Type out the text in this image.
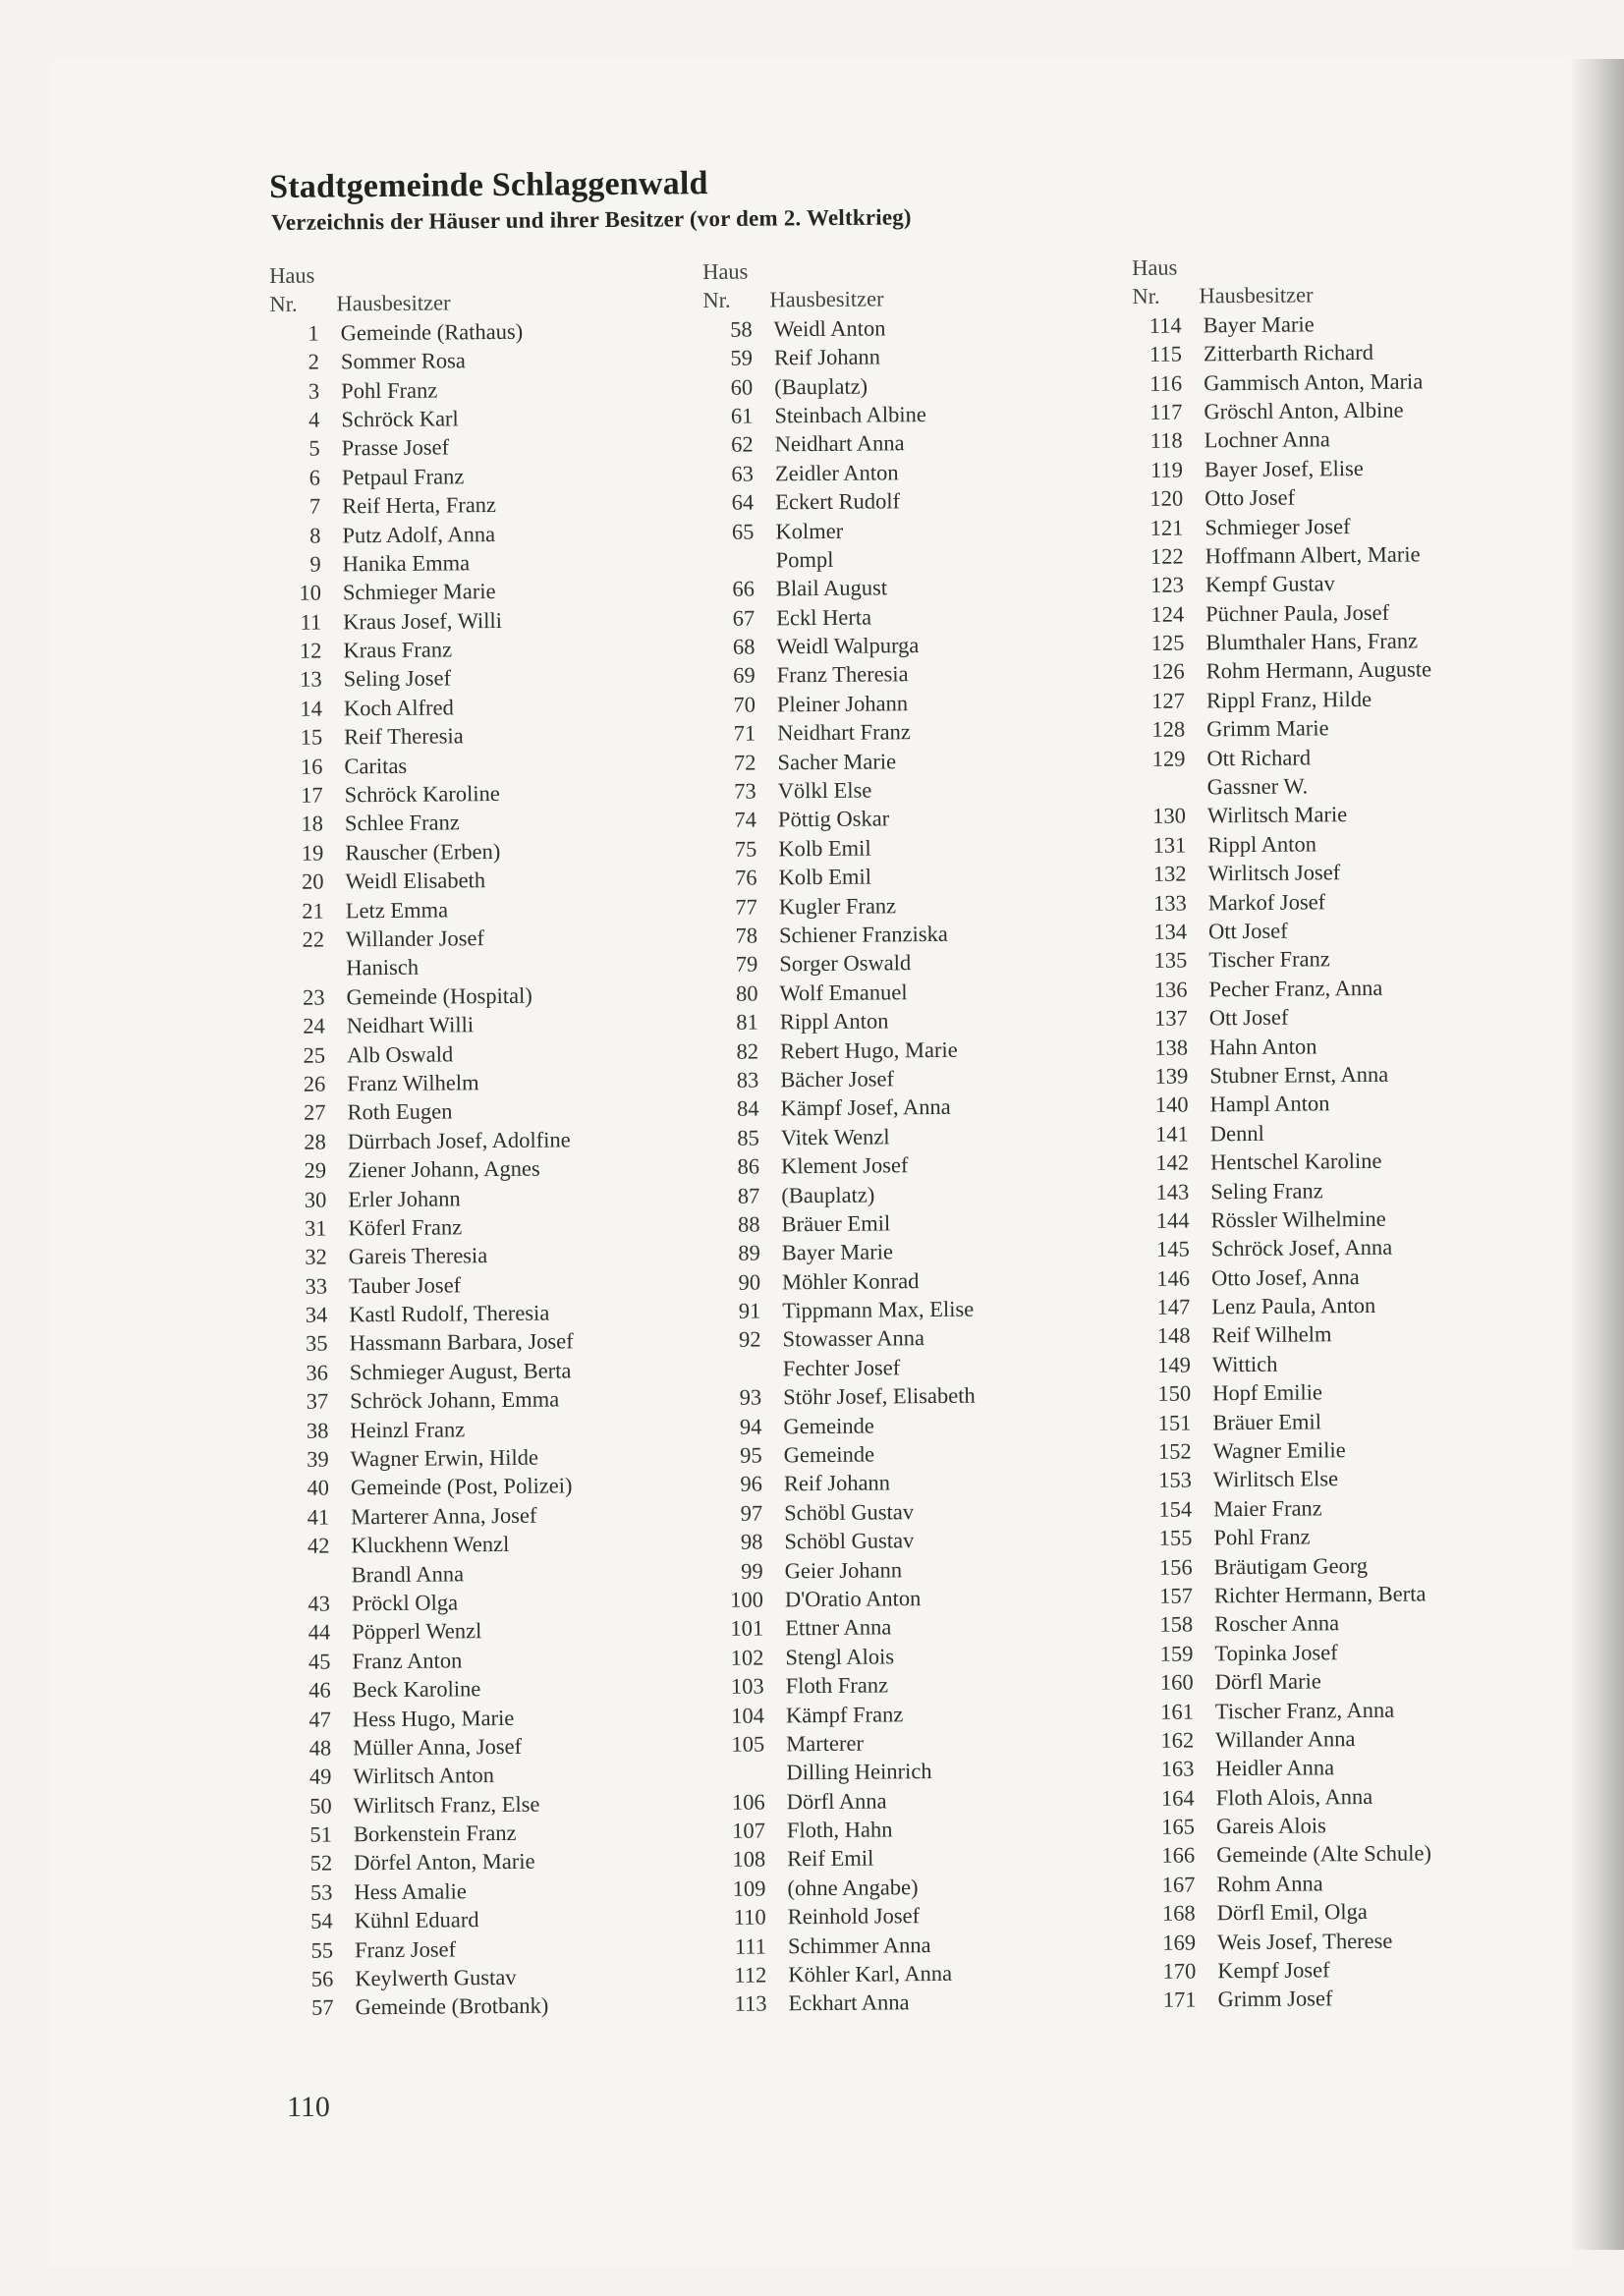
Stadtgemeinde Schlaggenwald
Verzeichnis der Häuser und ihrer Besitzer (vor dem 2. Weltkrieg)
Haus
Nr. Hausbesitzer
1 Gemeinde (Rathaus)
2 Sommer Rosa
3 Pohl Franz
4 Schröck Karl
5 Prasse Josef
6 Petpaul Franz
7 Reif Herta, Franz
8 Putz Adolf, Anna
9 Hanika Emma
10 Schmieger Marie
11 Kraus Josef, Willi
12 Kraus Franz
13 Seling Josef
14 Koch Alfred
15 Reif Theresia
16 Caritas
17 Schröck Karoline
18 Schlee Franz
19 Rauscher (Erben)
20 Weidl Elisabeth
21 Letz Emma
22 Willander Josef
Hanisch
23 Gemeinde (Hospital)
24 Neidhart Willi
25 Alb Oswald
26 Franz Wilhelm
27 Roth Eugen
28 Dürrbach Josef, Adolfine
29 Ziener Johann, Agnes
30 Erler Johann
31 Köferl Franz
32 Gareis Theresia
33 Tauber Josef
34 Kastl Rudolf, Theresia
35 Hassmann Barbara, Josef
36 Schmieger August, Berta
37 Schröck Johann, Emma
38 Heinzl Franz
39 Wagner Erwin, Hilde
40 Gemeinde (Post, Polizei)
41 Marterer Anna, Josef
42 Kluckhenn Wenzl
Brandl Anna
43 Pröckl Olga
44 Pöpperl Wenzl
45 Franz Anton
46 Beck Karoline
47 Hess Hugo, Marie
48 Müller Anna, Josef
49 Wirlitsch Anton
50 Wirlitsch Franz, Else
51 Borkenstein Franz
52 Dörfel Anton, Marie
53 Hess Amalie
54 Kühnl Eduard
55 Franz Josef
56 Keylwerth Gustav
57 Gemeinde (Brotbank)
Haus
Nr. Hausbesitzer
58 Weidl Anton
59 Reif Johann
60 (Bauplatz)
61 Steinbach Albine
62 Neidhart Anna
63 Zeidler Anton
64 Eckert Rudolf
65 Kolmer
Pompl
66 Blail August
67 Eckl Herta
68 Weidl Walpurga
69 Franz Theresia
70 Pleiner Johann
71 Neidhart Franz
72 Sacher Marie
73 Völkl Else
74 Pöttig Oskar
75 Kolb Emil
76 Kolb Emil
77 Kugler Franz
78 Schiener Franziska
79 Sorger Oswald
80 Wolf Emanuel
81 Rippl Anton
82 Rebert Hugo, Marie
83 Bächer Josef
84 Kämpf Josef, Anna
85 Vitek Wenzl
86 Klement Josef
87 (Bauplatz)
88 Bräuer Emil
89 Bayer Marie
90 Möhler Konrad
91 Tippmann Max, Elise
92 Stowasser Anna
Fechter Josef
93 Stöhr Josef, Elisabeth
94 Gemeinde
95 Gemeinde
96 Reif Johann
97 Schöbl Gustav
98 Schöbl Gustav
99 Geier Johann
100 D'Oratio Anton
101 Ettner Anna
102 Stengl Alois
103 Floth Franz
104 Kämpf Franz
105 Marterer
Dilling Heinrich
106 Dörfl Anna
107 Floth, Hahn
108 Reif Emil
109 (ohne Angabe)
110 Reinhold Josef
111 Schimmer Anna
112 Köhler Karl, Anna
113 Eckhart Anna
Haus
Nr. Hausbesitzer
114 Bayer Marie
115 Zitterbarth Richard
116 Gammisch Anton, Maria
117 Gröschl Anton, Albine
118 Lochner Anna
119 Bayer Josef, Elise
120 Otto Josef
121 Schmieger Josef
122 Hoffmann Albert, Marie
123 Kempf Gustav
124 Püchner Paula, Josef
125 Blumthaler Hans, Franz
126 Rohm Hermann, Auguste
127 Rippl Franz, Hilde
128 Grimm Marie
129 Ott Richard
Gassner W.
130 Wirlitsch Marie
131 Rippl Anton
132 Wirlitsch Josef
133 Markof Josef
134 Ott Josef
135 Tischer Franz
136 Pecher Franz, Anna
137 Ott Josef
138 Hahn Anton
139 Stubner Ernst, Anna
140 Hampl Anton
141 Dennl
142 Hentschel Karoline
143 Seling Franz
144 Rössler Wilhelmine
145 Schröck Josef, Anna
146 Otto Josef, Anna
147 Lenz Paula, Anton
148 Reif Wilhelm
149 Wittich
150 Hopf Emilie
151 Bräuer Emil
152 Wagner Emilie
153 Wirlitsch Else
154 Maier Franz
155 Pohl Franz
156 Bräutigam Georg
157 Richter Hermann, Berta
158 Roscher Anna
159 Topinka Josef
160 Dörfl Marie
161 Tischer Franz, Anna
162 Willander Anna
163 Heidler Anna
164 Floth Alois, Anna
165 Gareis Alois
166 Gemeinde (Alte Schule)
167 Rohm Anna
168 Dörfl Emil, Olga
169 Weis Josef, Therese
170 Kempf Josef
171 Grimm Josef
110
